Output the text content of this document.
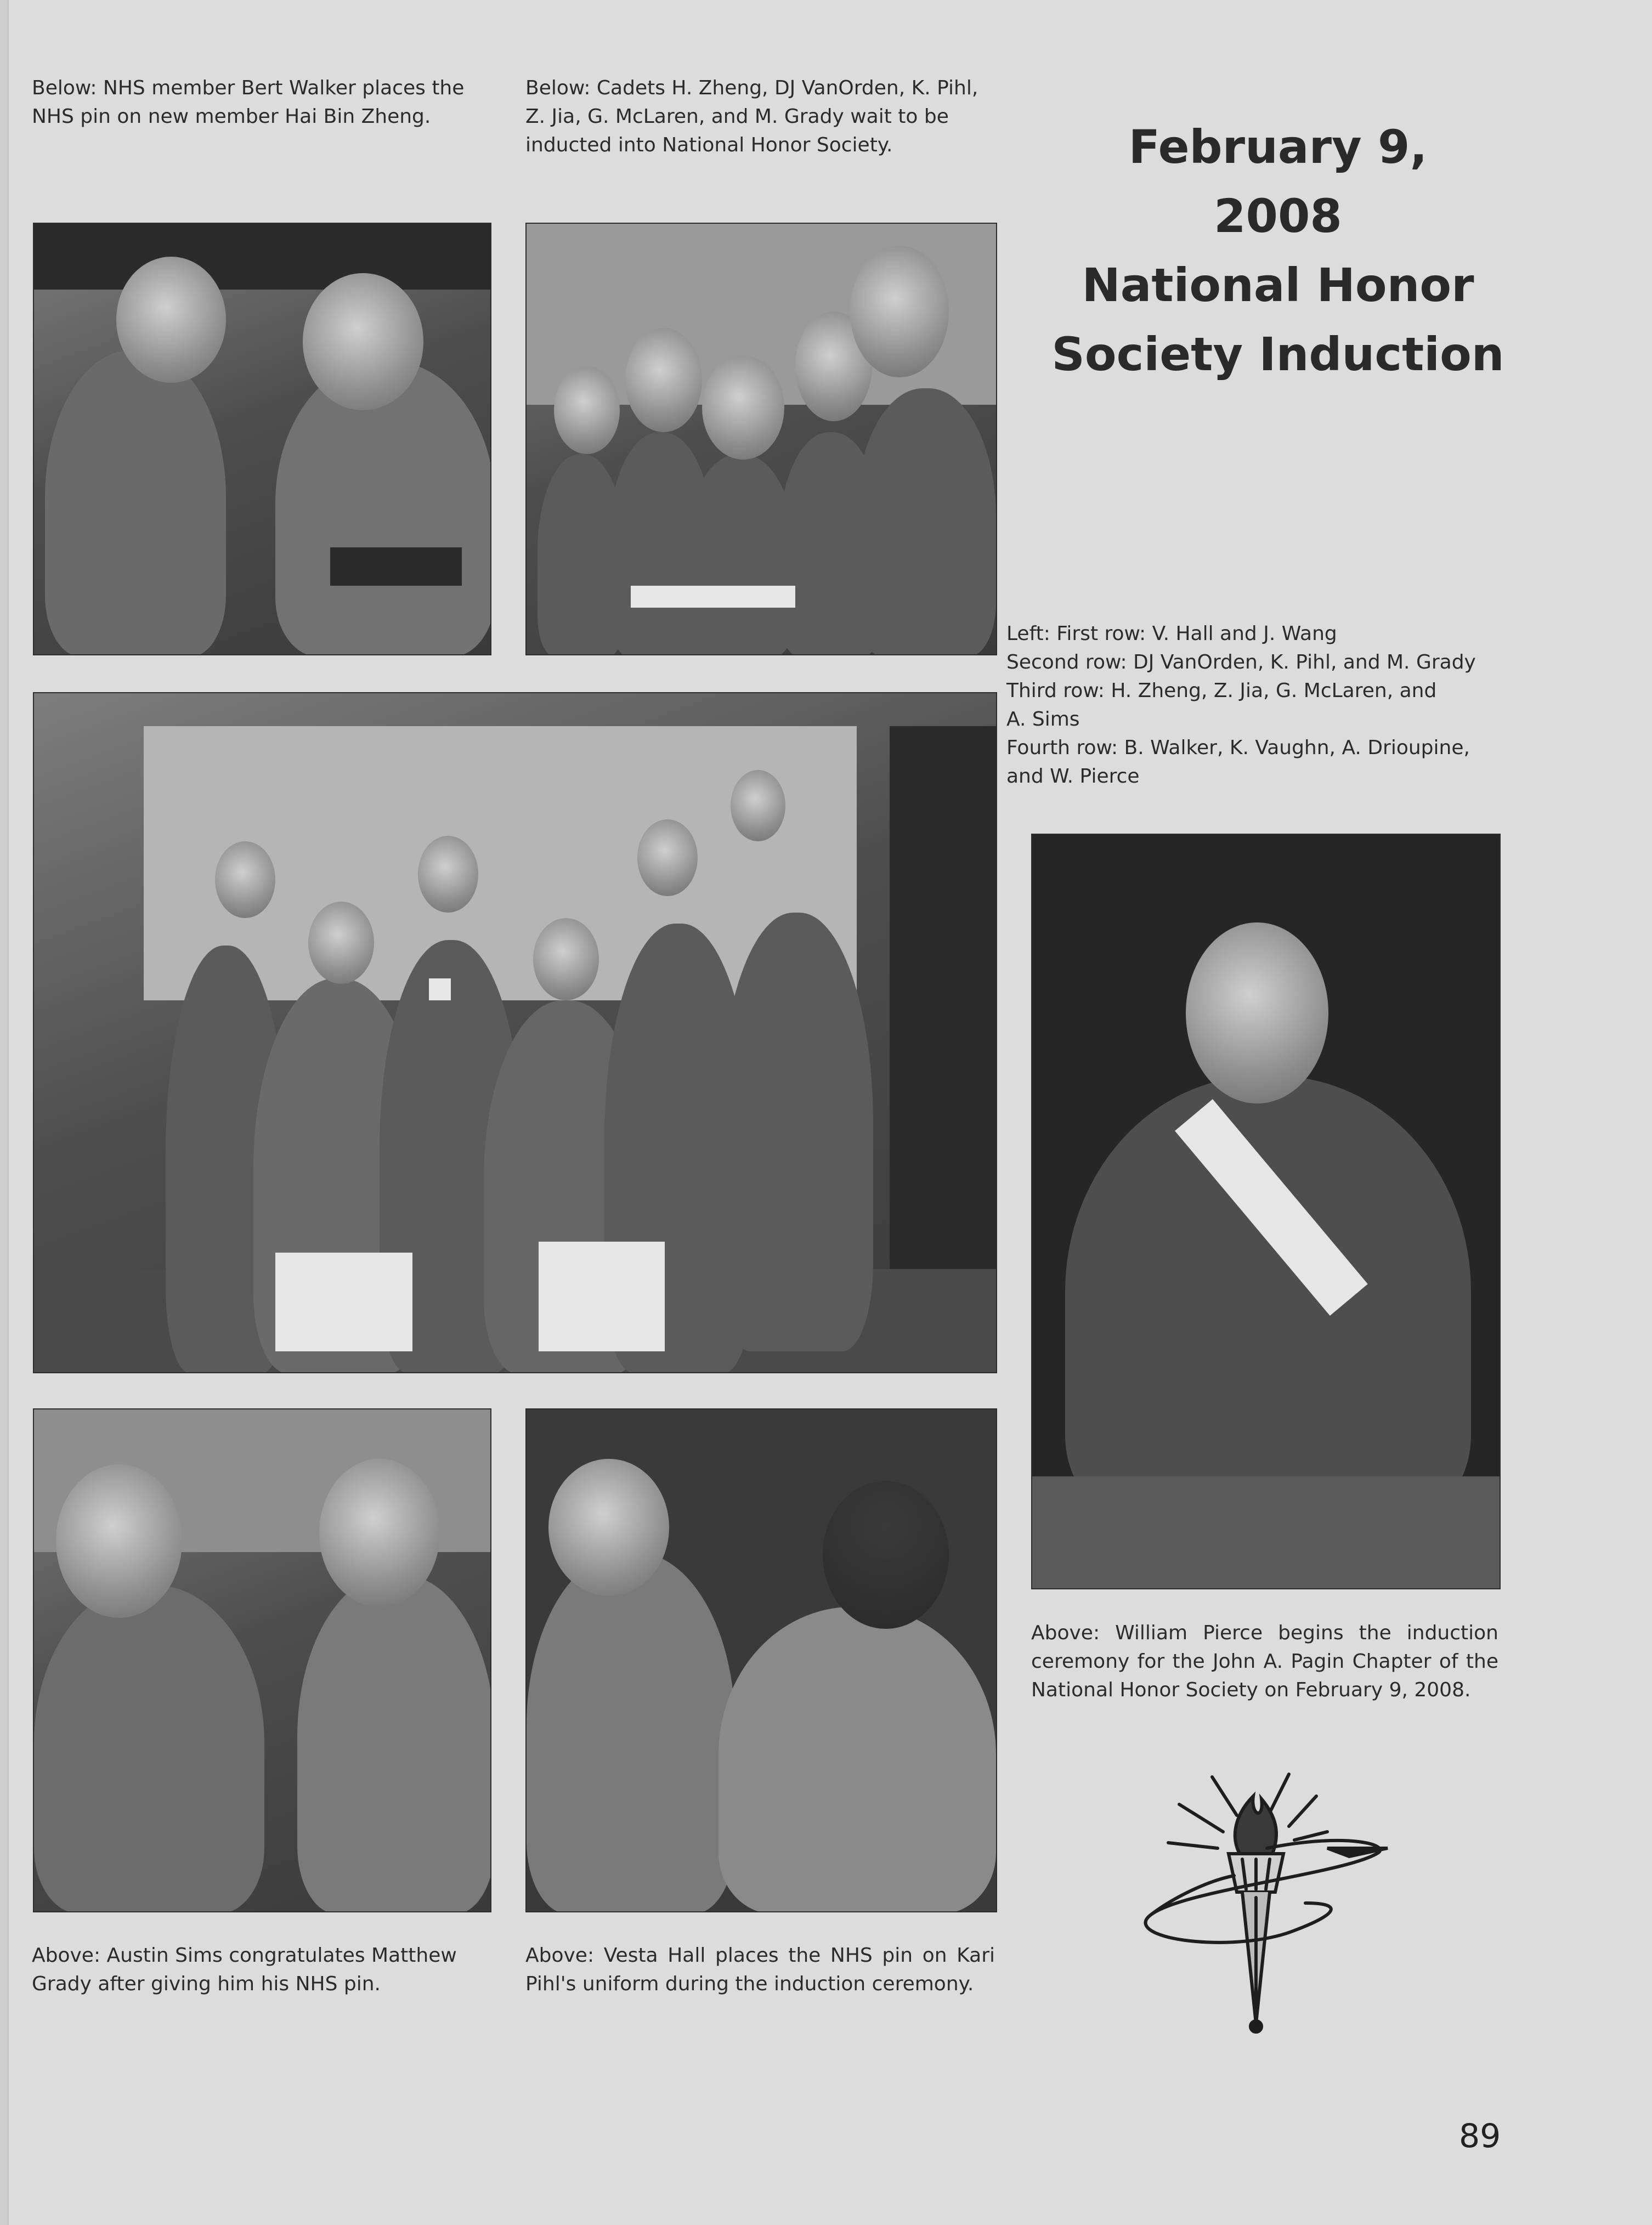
Below: NHS member Bert Walker places the
NHS pin on new member Hai Bin Zheng.
Below: Cadets H. Zheng, DJ VanOrden, K. Pihl,
Z. Jia, G. McLaren, and M. Grady wait to be
inducted into National Honor Society.	February 9,
2008
National Honor
Society Induction
Left: First row: V. Hall and J. Wang
Second row: DJ VanOrden, K. Pihl, and M. Grady
Third row: H. Zheng, Z. Jia, G. McLaren, and
A. Sims
Fourth row: B. Walker, K. Vaughn, A. Drioupine,
and W. Pierce
Above: William Pierce begins the induction ceremony for the John A. Pagin Chapter of the National Honor Society on February 9, 2008.
Above: Austin Sims congratulates Matthew
Grady after giving him his NHS pin.
Above: Vesta Hall places the NHS pin on Kari Pihl's uniform during the induction ceremony.
89
